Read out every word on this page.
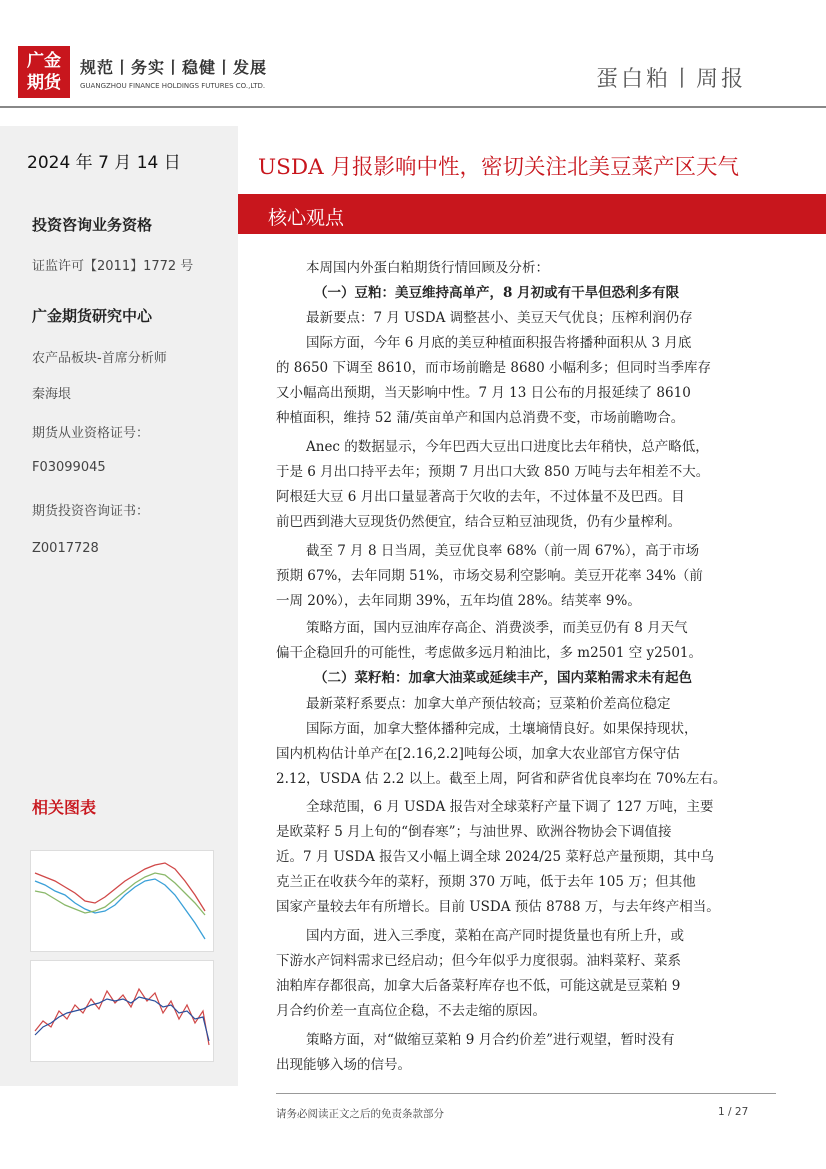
广金
期货
规范丨务实丨稳健丨发展
GUANGZHOU FINANCE HOLDINGS FUTURES CO.,LTD.	蛋白粕丨周报
2024 年 7 月 14 日
投资咨询业务资格
证监许可【2011】1772 号
广金期货研究中心
农产品板块-首席分析师
秦海垠
期货从业资格证号：
F03099045
期货投资咨询证书：
Z0017728
相关图表
USDA 月报影响中性，密切关注北美豆菜产区天气
核心观点
本周国内外蛋白粕期货行情回顾及分析：
（一）豆粕：美豆维持高单产，8 月初或有干旱但恐利多有限
最新要点：7 月 USDA 调整甚小、美豆天气优良；压榨利润仍存
国际方面，今年 6 月底的美豆种植面积报告将播种面积从 3 月底
的 8650 下调至 8610，而市场前瞻是 8680 小幅利多；但同时当季库存
又小幅高出预期，当天影响中性。7 月 13 日公布的月报延续了 8610
种植面积，维持 52 蒲/英亩单产和国内总消费不变，市场前瞻吻合。
Anec 的数据显示，今年巴西大豆出口进度比去年稍快，总产略低，
于是 6 月出口持平去年；预期 7 月出口大致 850 万吨与去年相差不大。
阿根廷大豆 6 月出口量显著高于欠收的去年，不过体量不及巴西。目
前巴西到港大豆现货仍然便宜，结合豆粕豆油现货，仍有少量榨利。
截至 7 月 8 日当周，美豆优良率 68%（前一周 67%），高于市场
预期 67%，去年同期 51%，市场交易利空影响。美豆开花率 34%（前
一周 20%），去年同期 39%，五年均值 28%。结荚率 9%。
策略方面，国内豆油库存高企、消费淡季，而美豆仍有 8 月天气
偏干企稳回升的可能性，考虑做多远月粕油比，多 m2501 空 y2501。
（二）菜籽粕：加拿大油菜或延续丰产，国内菜粕需求未有起色
最新菜籽系要点：加拿大单产预估较高；豆菜粕价差高位稳定
国际方面，加拿大整体播种完成，土壤墒情良好。如果保持现状，
国内机构估计单产在[2.16,2.2]吨每公顷，加拿大农业部官方保守估
2.12，USDA 估 2.2 以上。截至上周，阿省和萨省优良率均在 70%左右。
全球范围，6 月 USDA 报告对全球菜籽产量下调了 127 万吨，主要
是欧菜籽 5 月上旬的“倒春寒”；与油世界、欧洲谷物协会下调值接
近。7 月 USDA 报告又小幅上调全球 2024/25 菜籽总产量预期，其中乌
克兰正在收获今年的菜籽，预期 370 万吨，低于去年 105 万；但其他
国家产量较去年有所增长。目前 USDA 预估 8788 万，与去年终产相当。
国内方面，进入三季度，菜粕在高产同时提货量也有所上升，或
下游水产饲料需求已经启动；但今年似乎力度很弱。油料菜籽、菜系
油粕库存都很高，加拿大后备菜籽库存也不低，可能这就是豆菜粕 9
月合约价差一直高位企稳，不去走缩的原因。
策略方面，对“做缩豆菜粕 9 月合约价差”进行观望，暂时没有
出现能够入场的信号。
请务必阅读正文之后的免责条款部分	1 / 27
